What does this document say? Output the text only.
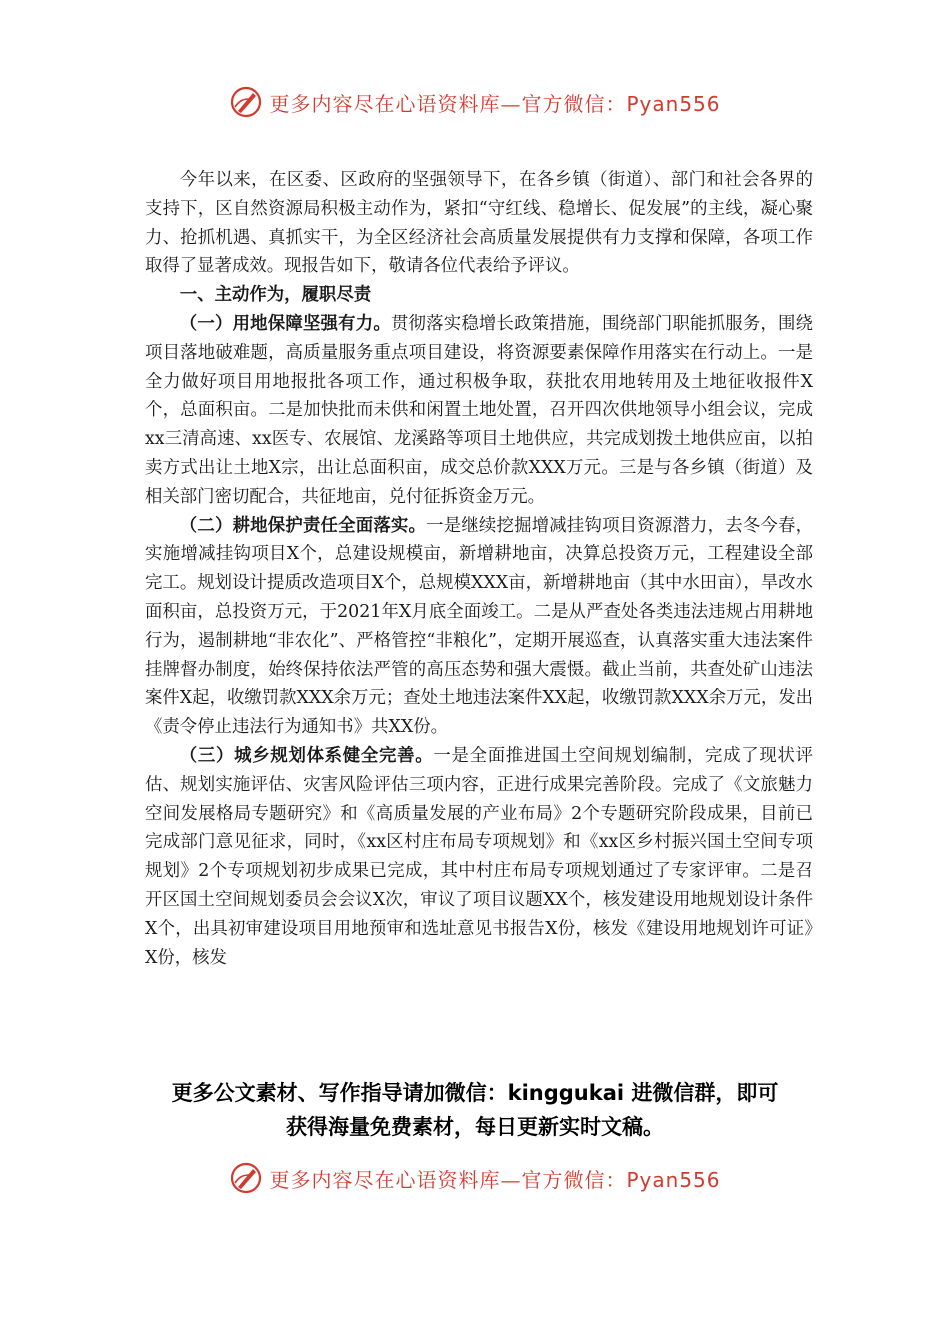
更多内容尽在心语资料库—官方微信：Pyan556

今年以来，在区委、区政府的坚强领导下，在各乡镇（街道）、部门和社会各界的支持下，区自然资源局积极主动作为，紧扣“守红线、稳增长、促发展”的主线，凝心聚力、抢抓机遇、真抓实干，为全区经济社会高质量发展提供有力支撑和保障，各项工作取得了显著成效。现报告如下，敬请各位代表给予评议。

一、主动作为，履职尽责

（一）用地保障坚强有力。贯彻落实稳增长政策措施，围绕部门职能抓服务，围绕项目落地破难题，高质量服务重点项目建设，将资源要素保障作用落实在行动上。一是全力做好项目用地报批各项工作，通过积极争取，获批农用地转用及土地征收报件X个，总面积亩。二是加快批而未供和闲置土地处置，召开四次供地领导小组会议，完成xx三清高速、xx医专、农展馆、龙溪路等项目土地供应，共完成划拨土地供应亩，以拍卖方式出让土地X宗，出让总面积亩，成交总价款XXX万元。三是与各乡镇（街道）及相关部门密切配合，共征地亩，兑付征拆资金万元。

（二）耕地保护责任全面落实。一是继续挖掘增减挂钩项目资源潜力，去冬今春，实施增减挂钩项目X个，总建设规模亩，新增耕地亩，决算总投资万元，工程建设全部完工。规划设计提质改造项目X个，总规模XXX亩，新增耕地亩（其中水田亩），旱改水面积亩，总投资万元，于2021年X月底全面竣工。二是从严查处各类违法违规占用耕地行为，遏制耕地“非农化”、严格管控“非粮化”，定期开展巡查，认真落实重大违法案件挂牌督办制度，始终保持依法严管的高压态势和强大震慑。截止当前，共查处矿山违法案件X起，收缴罚款XXX余万元；查处土地违法案件XX起，收缴罚款XXX余万元，发出《责令停止违法行为通知书》共XX份。

（三）城乡规划体系健全完善。一是全面推进国土空间规划编制，完成了现状评估、规划实施评估、灾害风险评估三项内容，正进行成果完善阶段。完成了《文旅魅力空间发展格局专题研究》和《高质量发展的产业布局》2个专题研究阶段成果，目前已完成部门意见征求，同时，《xx区村庄布局专项规划》和《xx区乡村振兴国土空间专项规划》2个专项规划初步成果已完成，其中村庄布局专项规划通过了专家评审。二是召开区国土空间规划委员会会议X次，审议了项目议题XX个，核发建设用地规划设计条件X个，出具初审建设项目用地预审和选址意见书报告X份，核发《建设用地规划许可证》X份，核发

更多公文素材、写作指导请加微信：kinggukai 进微信群，即可
获得海量免费素材，每日更新实时文稿。
更多内容尽在心语资料库—官方微信：Pyan556
